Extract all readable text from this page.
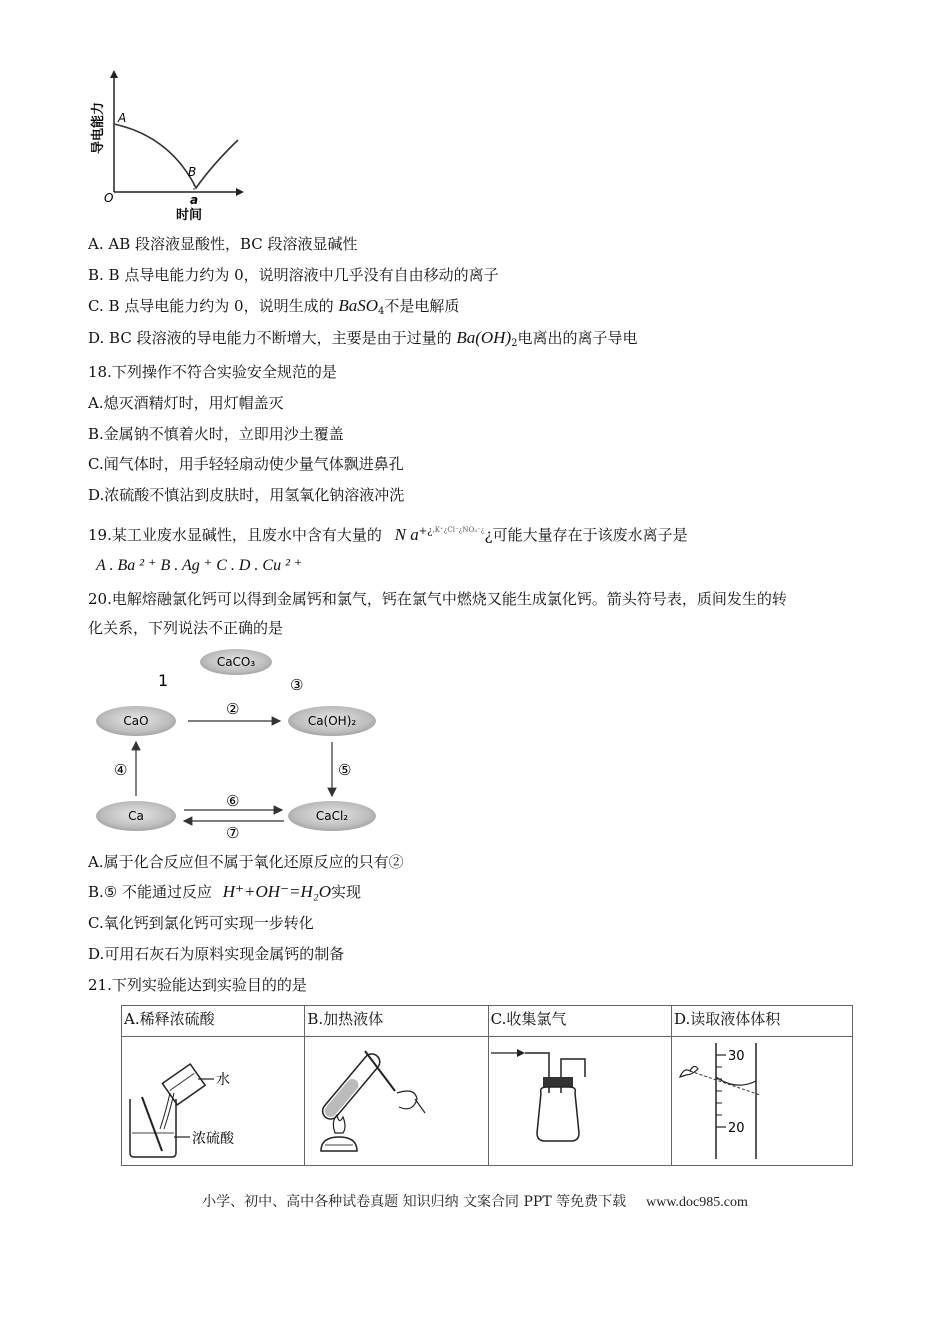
导电能力 A
B
O	a
时间
A. AB 段溶液显酸性，BC 段溶液显碱性
B. B 点导电能力约为 0，说明溶液中几乎没有自由移动的离子
C. B 点导电能力约为 0，说明生成的 BaSO$_4$不是电解质
D. BC 段溶液的导电能力不断增大，主要是由于过量的 $Ba(OH)_2$电离出的离子导电
18.下列操作不符合实验安全规范的是
A.熄灭酒精灯时，用灯帽盖灭
B.金属钠不慎着火时，立即用沙土覆盖
C.闻气体时，用手轻轻扇动使少量气体飘进鼻孔
D.浓硫酸不慎沾到皮肤时，用氢氧化钠溶液冲洗
19.某工业废水显碱性，且废水中含有大量的 N $a^{+¿,K^+¿Cl^-¿NO_3^-¿}¿$可能大量存在于该废水离子是
A . Ba ² ⁺ B . Ag ⁺ C . D . Cu ² ⁺
20.电解熔融氯化钙可以得到金属钙和氯气，钙在氯气中燃烧又能生成氯化钙。箭头符号表，质间发生的转
化关系，下列说法不正确的是
CaCO₃
CaO	Ca(OH)₂
Ca	CaCl₂
1	③
②
④	⑤
⑥
⑦
A.属于化合反应但不属于氧化还原反应的只有②
B.⑤ 不能通过反应 H⁺+OH⁻=H₂O实现
C.氧化钙到氯化钙可实现一步转化
D.可用石灰石为原料实现金属钙的制备
21.下列实验能达到实验目的的是
A.稀释浓硫酸	B.加热液体	C.收集氯气	D.读取液体体积

水
浓硫酸			30
20
小学、初中、高中各种试卷真题 知识归纳 文案合同 PPT 等免费下载 www.doc985.com
